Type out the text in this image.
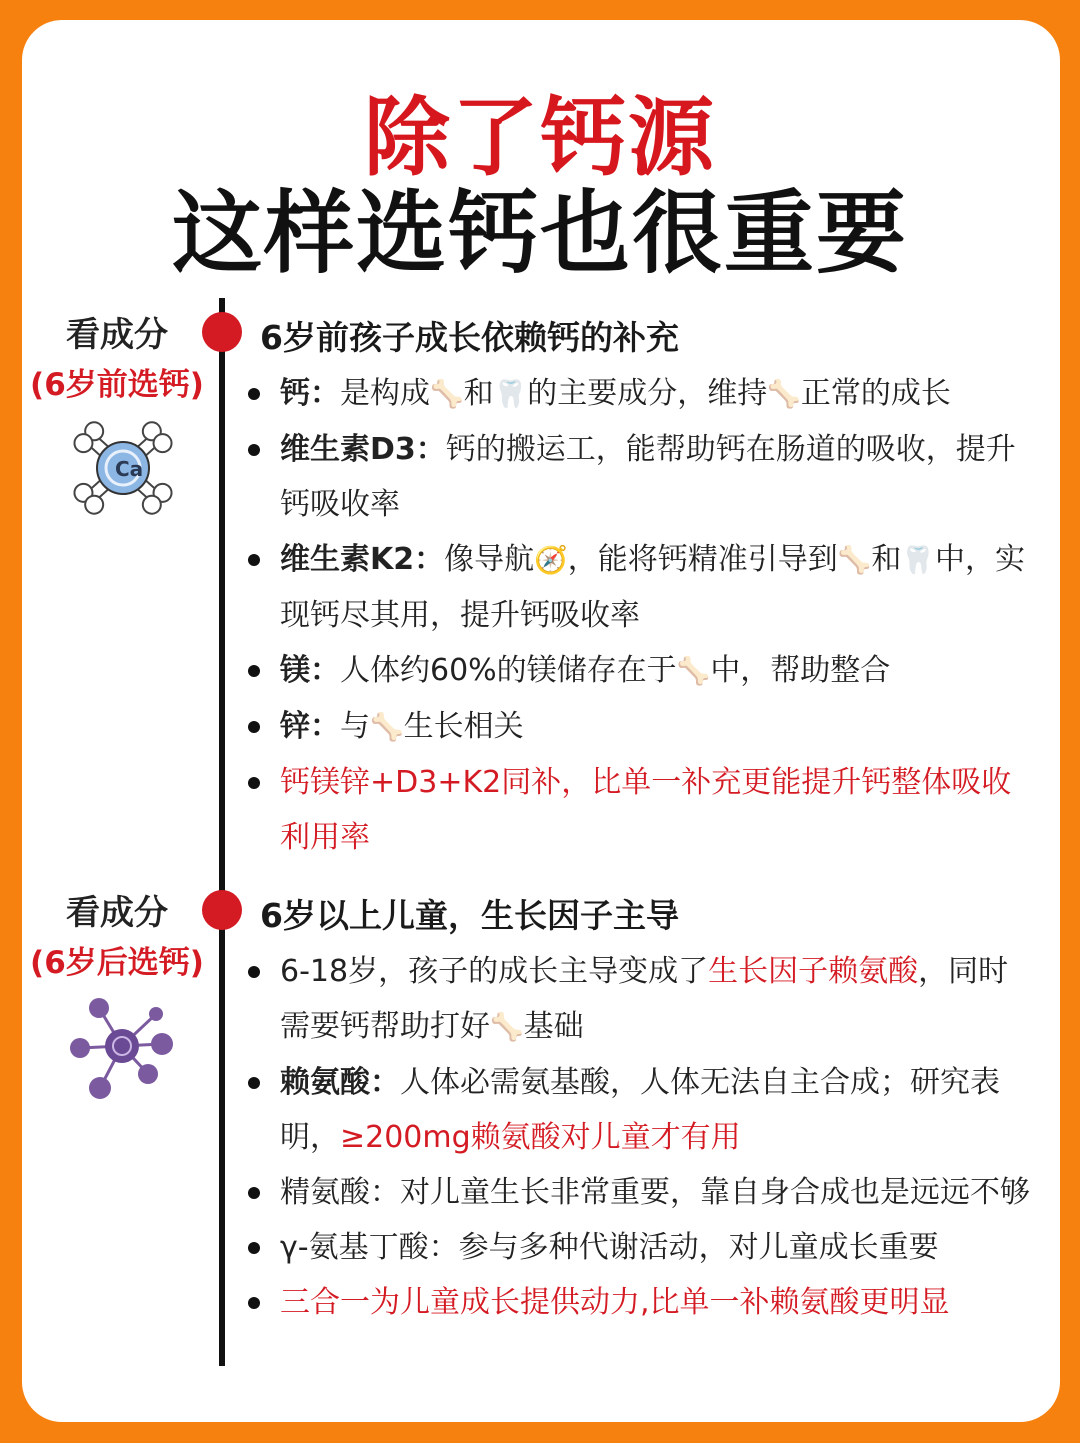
除了钙源
这样选钙也很重要
看成分
(6岁前选钙)
Ca
6岁前孩子成长依赖钙的补充
钙：是构成🦴和🦷的主要成分，维持🦴正常的成长
维生素D3：钙的搬运工，能帮助钙在肠道的吸收，提升钙吸收率
维生素K2：像导航🧭，能将钙精准引导到🦴和🦷中，实现钙尽其用，提升钙吸收率
镁：人体约60%的镁储存在于🦴中，帮助整合
锌：与🦴生长相关
钙镁锌+D3+K2同补，比单一补充更能提升钙整体吸收利用率
看成分
(6岁后选钙)
6岁以上儿童，生长因子主导
6-18岁，孩子的成长主导变成了生长因子赖氨酸，同时需要钙帮助打好🦴基础
赖氨酸：人体必需氨基酸，人体无法自主合成；研究表明，≥200mg赖氨酸对儿童才有用
精氨酸：对儿童生长非常重要，靠自身合成也是远远不够
γ-氨基丁酸：参与多种代谢活动，对儿童成长重要
三合一为儿童成长提供动力,比单一补赖氨酸更明显
